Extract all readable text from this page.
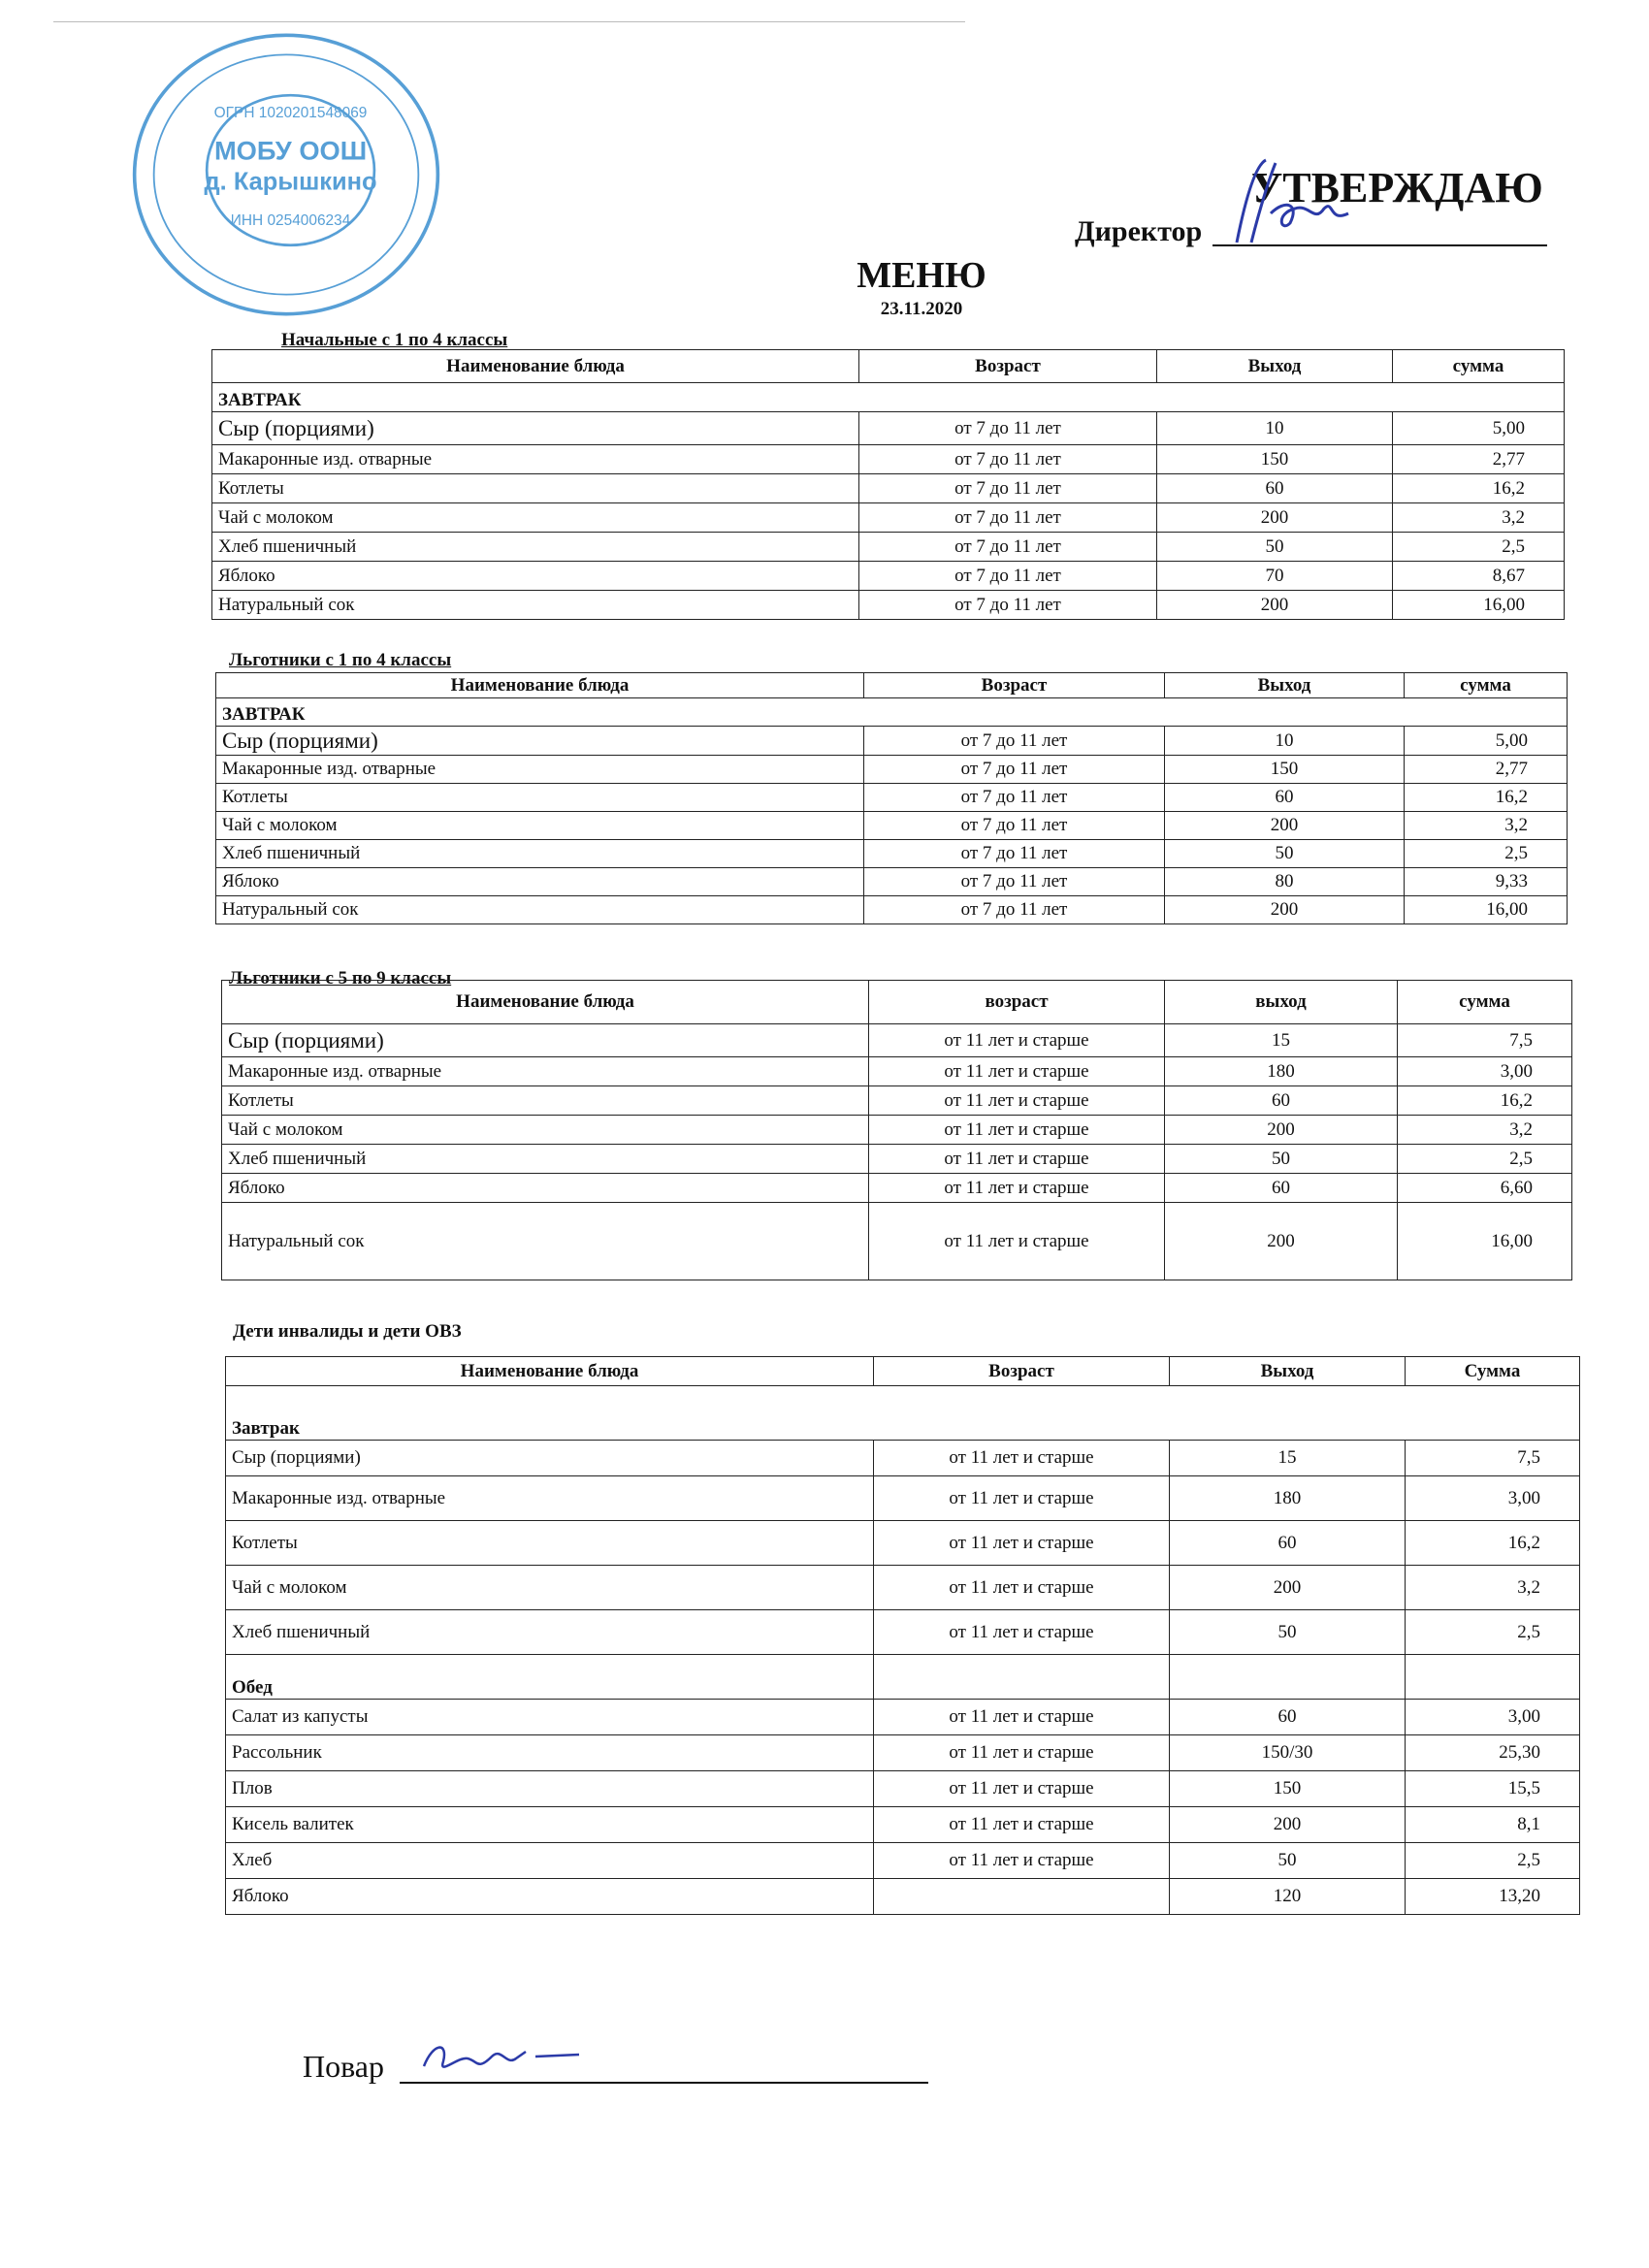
УТВЕРЖДАЮ
Директор
МЕНЮ
23.11.2020
Начальные с 1 по 4 классы
Наименование блюда	Возраст	Выход	сумма
ЗАВТРАК			
Сыр (порциями)	от 7 до 11 лет	10	5,00
Макаронные изд. отварные	от 7 до 11 лет	150	2,77
Котлеты	от 7 до 11 лет	60	16,2
Чай с молоком	от 7 до 11 лет	200	3,2
Хлеб пшеничный	от 7 до 11 лет	50	2,5
Яблоко	от 7 до 11 лет	70	8,67
Натуральный сок	от 7 до 11 лет	200	16,00
Льготники с 1 по 4 классы
Наименование блюда	Возраст	Выход	сумма
ЗАВТРАК			
Сыр (порциями)	от 7 до 11 лет	10	5,00
Макаронные изд. отварные	от 7 до 11 лет	150	2,77
Котлеты	от 7 до 11 лет	60	16,2
Чай с молоком	от 7 до 11 лет	200	3,2
Хлеб пшеничный	от 7 до 11 лет	50	2,5
Яблоко	от 7 до 11 лет	80	9,33
Натуральный сок	от 7 до 11 лет	200	16,00
Льготники с 5 по 9 классы
Наименование блюда	возраст	выход	сумма
Сыр (порциями)	от 11 лет и старше	15	7,5
Макаронные изд. отварные	от 11 лет и старше	180	3,00
Котлеты	от 11 лет и старше	60	16,2
Чай с молоком	от 11 лет и старше	200	3,2
Хлеб пшеничный	от 11 лет и старше	50	2,5
Яблоко	от 11 лет и старше	60	6,60
Натуральный сок	от 11 лет и старше	200	16,00
Дети инвалиды и дети ОВЗ
Наименование блюда	Возраст	Выход	Сумма
Завтрак			
Сыр (порциями)	от 11 лет и старше	15	7,5
Макаронные изд. отварные	от 11 лет и старше	180	3,00
Котлеты	от 11 лет и старше	60	16,2
Чай с молоком	от 11 лет и старше	200	3,2
Хлеб пшеничный	от 11 лет и старше	50	2,5
Обед			
Салат из капусты	от 11 лет и старше	60	3,00
Рассольник	от 11 лет и старше	150/30	25,30
Плов	от 11 лет и старше	150	15,5
Кисель валитек	от 11 лет и старше	200	8,1
Хлеб	от 11 лет и старше	50	2,5
Яблоко		120	13,20
МОБУ ООШ
д. Карышкино
ОГРН 1020201548069
ИНН 0254006234
Повар
